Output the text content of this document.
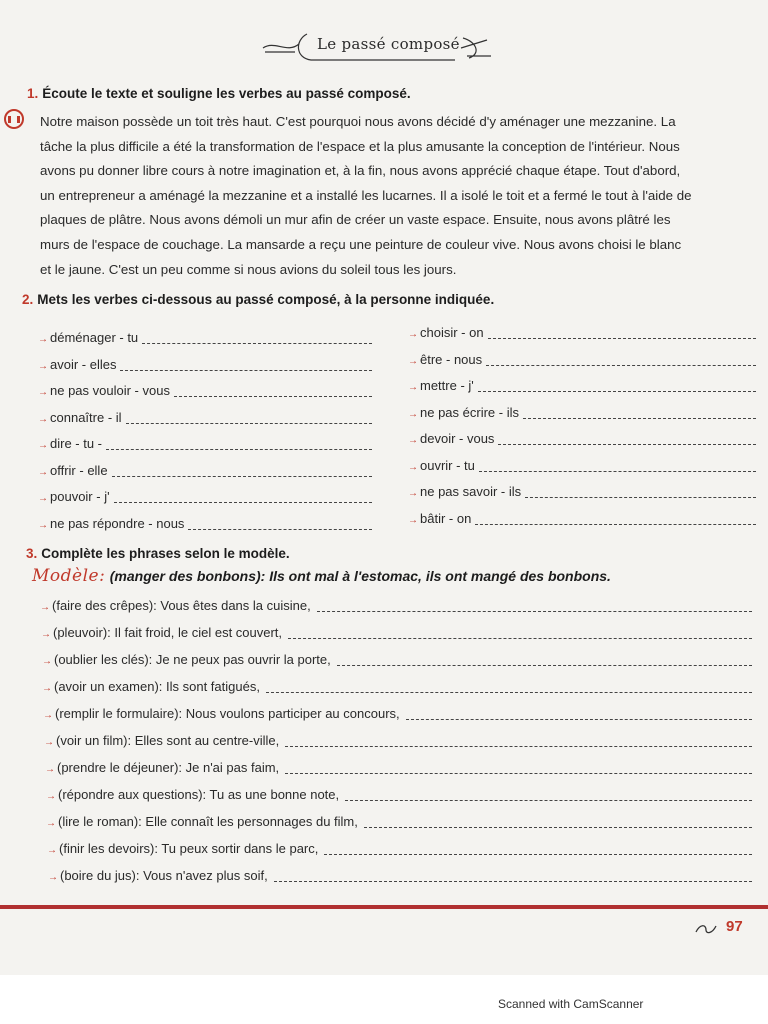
Le passé composé
1. Écoute le texte et souligne les verbes au passé composé.
Notre maison possède un toit très haut. C'est pourquoi nous avons décidé d'y aménager une mezzanine. La
tâche la plus difficile a été la transformation de l'espace et la plus amusante la conception de l'intérieur. Nous
avons pu donner libre cours à notre imagination et, à la fin, nous avons apprécié chaque étape. Tout d'abord,
un entrepreneur a aménagé la mezzanine et a installé les lucarnes. Il a isolé le toit et a fermé le tout à l'aide de
plaques de plâtre. Nous avons démoli un mur afin de créer un vaste espace. Ensuite, nous avons plâtré les
murs de l'espace de couchage. La mansarde a reçu une peinture de couleur vive. Nous avons choisi le blanc
et le jaune. C'est un peu comme si nous avions du soleil tous les jours.
2. Mets les verbes ci-dessous au passé composé, à la personne indiquée.
→ déménager - tu
→ avoir - elles
→ ne pas vouloir - vous
→ connaître - il
→ dire - tu -
→ offrir - elle
→ pouvoir - j'
→ ne pas répondre - nous
→ choisir - on
→ être - nous
→ mettre - j'
→ ne pas écrire - ils
→ devoir - vous
→ ouvrir - tu
→ ne pas savoir - ils
→ bâtir - on
3. Complète les phrases selon le modèle.
Modèle: (manger des bonbons): Ils ont mal à l'estomac, ils ont mangé des bonbons.
→ (faire des crêpes): Vous êtes dans la cuisine,
→ (pleuvoir): Il fait froid, le ciel est couvert,
→ (oublier les clés): Je ne peux pas ouvrir la porte,
→ (avoir un examen): Ils sont fatigués,
→ (remplir le formulaire): Nous voulons participer au concours,
→ (voir un film): Elles sont au centre-ville,
→ (prendre le déjeuner): Je n'ai pas faim,
→ (répondre aux questions): Tu as une bonne note,
→ (lire le roman): Elle connaît les personnages du film,
→ (finir les devoirs): Tu peux sortir dans le parc,
→ (boire du jus): Vous n'avez plus soif,
97
Scanned with CamScanner
